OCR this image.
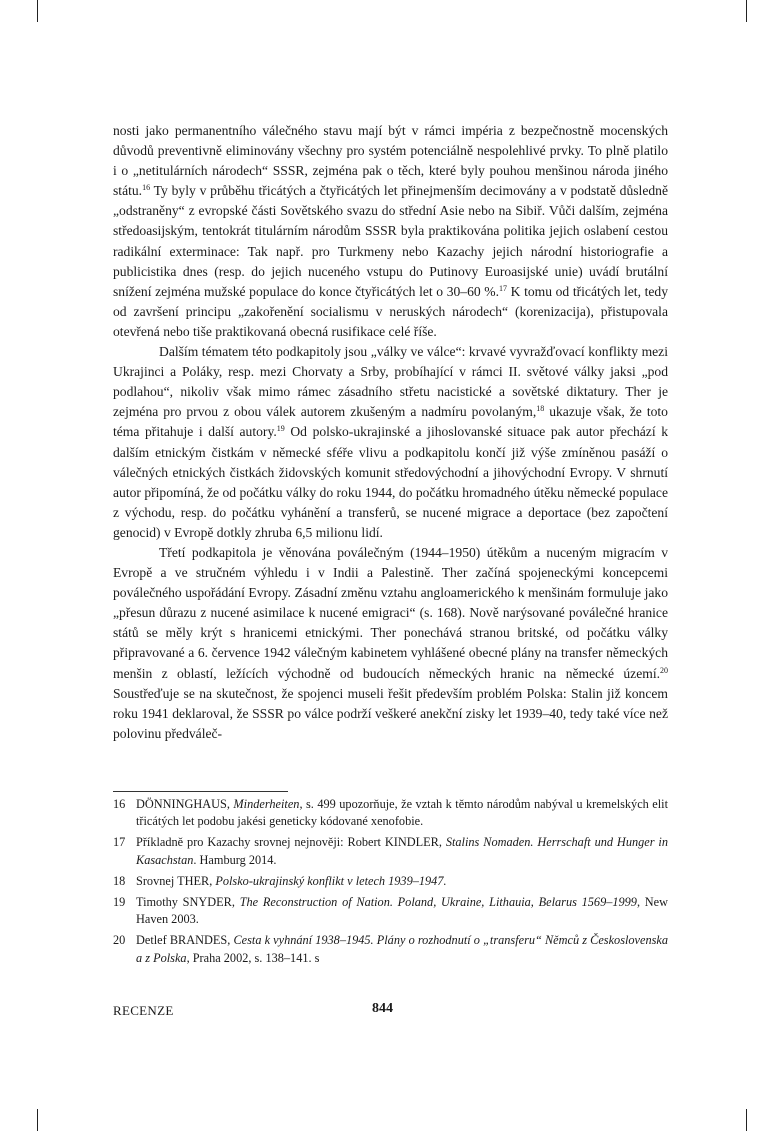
nosti jako permanentního válečného stavu mají být v rámci impéria z bezpečnostně mocenských důvodů preventivně eliminovány všechny pro systém potenciálně nespolehlivé prvky. To plně platilo i o „netitulárních národech“ SSSR, zejména pak o těch, které byly pouhou menšinou národa jiného státu.$^{16}$ Ty byly v průběhu třicátých a čtyřicátých let přinejmenším decimovány a v podstatě důsledně „odstraněny“ z evropské části Sovětského svazu do střední Asie nebo na Sibiř. Vůči dalším, zejména středoasijským, tentokrát titulárním národům SSSR byla praktikována politika jejich oslabení cestou radikální exterminace: Tak např. pro Turkmeny nebo Kazachy jejich národní historiografie a publicistika dnes (resp. do jejich nuceného vstupu do Putinovy Euroasijské unie) uvádí brutální snížení zejména mužské populace do konce čtyřicátých let o 30–60 %.$^{17}$ K tomu od třicátých let, tedy od završení principu „zakořenění socialismu v neruských národech“ (korenizacija), přistupovala otevřená nebo tiše praktikovaná obecná rusifikace celé říše.

Dalším tématem této podkapitoly jsou „války ve válce“: krvavé vyvražďovací konflikty mezi Ukrajinci a Poláky, resp. mezi Chorvaty a Srby, probíhající v rámci II. světové války jaksi „pod podlahou“, nikoliv však mimo rámec zásadního střetu nacistické a sovětské diktatury. Ther je zejména pro prvou z obou válek autorem zkušeným a nadmíru povolaným,$^{18}$ ukazuje však, že toto téma přitahuje i další autory.$^{19}$ Od polsko-ukrajinské a jihoslovanské situace pak autor přechází k dalším etnickým čistkám v německé sféře vlivu a podkapitolu končí již výše zmíněnou pasáží o válečných etnických čistkách židovských komunit středovýchodní a jihovýchodní Evropy. V shrnutí autor připomíná, že od počátku války do roku 1944, do počátku hromadného útěku německé populace z východu, resp. do počátku vyhánění a transferů, se nucené migrace a deportace (bez započtení genocid) v Evropě dotkly zhruba 6,5 milionu lidí.

Třetí podkapitola je věnována poválečným (1944–1950) útěkům a nuceným migracím v Evropě a ve stručném výhledu i v Indii a Palestině. Ther začíná spojeneckými koncepcemi poválečného uspořádání Evropy. Zásadní změnu vztahu angloamerického k menšinám formuluje jako „přesun důrazu z nucené asimilace k nucené emigraci“ (s. 168). Nově narýsované poválečné hranice států se měly krýt s hranicemi etnickými. Ther ponechává stranou britské, od počátku války připravované a 6. července 1942 válečným kabinetem vyhlášené obecné plány na transfer německých menšin z oblastí, ležících východně od budoucích německých hranic na německé území.$^{20}$ Soustřeďuje se na skutečnost, že spojenci museli řešit především problém Polska: Stalin již koncem roku 1941 deklaroval, že SSSR po válce podrží veškeré anekční zisky let 1939–40, tedy také více než polovinu předváleč-

16 DÖNNINGHAUS, Minderheiten, s. 499 upozorňuje, že vztah k těmto národům nabýval u kremelských elit třicátých let podobu jakési geneticky kódované xenofobie.
17 Příkladně pro Kazachy srovnej nejnověji: Robert KINDLER, Stalins Nomaden. Herrschaft und Hunger in Kasachstan. Hamburg 2014.
18 Srovnej THER, Polsko-ukrajinský konflikt v letech 1939–1947.
19 Timothy SNYDER, The Reconstruction of Nation. Poland, Ukraine, Lithauia, Belarus 1569–1999, New Haven 2003.
20 Detlef BRANDES, Cesta k vyhnání 1938–1945. Plány o rozhodnutí o „transferu“ Němců z Československa a z Polska, Praha 2002, s. 138–141. s
RECENZE	844
